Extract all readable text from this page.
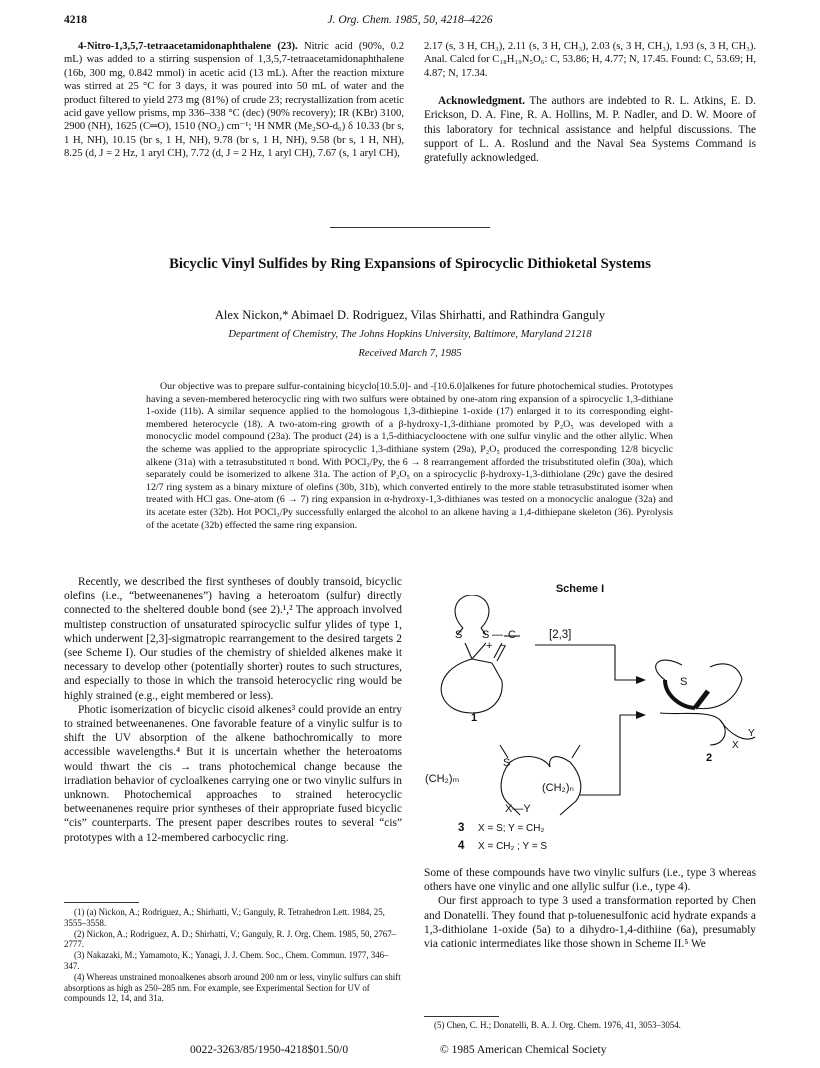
4218	J. Org. Chem. 1985, 50, 4218–4226

4-Nitro-1,3,5,7-tetraacetamidonaphthalene (23). Nitric acid (90%, 0.2 mL) was added to a stirring suspension of 1,3,5,7-tetraacetamidonaphthalene (16b, 300 mg, 0.842 mmol) in acetic acid (13 mL). After the reaction mixture was stirred at 25 °C for 3 days, it was poured into 50 mL of water and the product filtered to yield 273 mg (81%) of crude 23; recrystallization from acetic acid gave yellow prisms, mp 336–338 °C (dec) (90% recovery); IR (KBr) 3100, 2900 (NH), 1625 (C═O), 1510 (NO₂) cm⁻¹; ¹H NMR (Me₂SO-d₆) δ 10.33 (br s, 1 H, NH), 10.15 (br s, 1 H, NH), 9.78 (br s, 1 H, NH), 9.58 (br s, 1 H, NH), 8.25 (d, J = 2 Hz, 1 aryl CH), 7.72 (d, J = 2 Hz, 1 aryl CH), 7.67 (s, 1 aryl CH),

2.17 (s, 3 H, CH₃), 2.11 (s, 3 H, CH₃), 2.03 (s, 3 H, CH₃), 1.93 (s, 3 H, CH₃). Anal. Calcd for C₁₈H₁₉N₅O₆: C, 53.86; H, 4.77; N, 17.45. Found: C, 53.69; H, 4.87; N, 17.34.

Acknowledgment. The authors are indebted to R. L. Atkins, E. D. Erickson, D. A. Fine, R. A. Hollins, M. P. Nadler, and D. W. Moore of this laboratory for technical assistance and helpful discussions. The support of L. A. Roslund and the Naval Sea Systems Command is gratefully acknowledged.

Bicyclic Vinyl Sulfides by Ring Expansions of Spirocyclic Dithioketal Systems
Alex Nickon,* Abimael D. Rodriguez, Vilas Shirhatti, and Rathindra Ganguly
Department of Chemistry, The Johns Hopkins University, Baltimore, Maryland 21218
Received March 7, 1985
Our objective was to prepare sulfur-containing bicyclo[10.5.0]- and -[10.6.0]alkenes for future photochemical studies. Prototypes having a seven-membered heterocyclic ring with two sulfurs were obtained by one-atom ring expansion of a spirocyclic 1,3-dithiane 1-oxide (11b). A similar sequence applied to the homologous 1,3-dithiepine 1-oxide (17) enlarged it to its corresponding eight-membered heterocycle (18). A two-atom-ring growth of a β-hydroxy-1,3-dithiane promoted by P₂O₅ was developed with a monocyclic model compound (23a). The product (24) is a 1,5-dithiacyclooctene with one sulfur vinylic and the other allylic. When the scheme was applied to the appropriate spirocyclic 1,3-dithiane system (29a), P₂O₅ produced the corresponding 12/8 bicyclic alkene (31a) with a tetrasubstituted π bond. With POCl₃/Py, the 6 → 8 rearrangement afforded the trisubstituted olefin (30a), which separately could be isomerized to alkene 31a. The action of P₂O₅ on a spirocyclic β-hydroxy-1,3-dithiolane (29c) gave the desired 12/7 ring system as a binary mixture of olefins (30b, 31b), which converted entirely to the more stable tetrasubstituted isomer when treated with HCl gas. One-atom (6 → 7) ring expansion in α-hydroxy-1,3-dithianes was tested on a monocyclic analogue (32a) and its acetate ester (32b). Hot POCl₃/Py successfully enlarged the alcohol to an alkene having a 1,4-dithiepane skeleton (36). Pyrolysis of the acetate (32b) effected the same ring expansion.

Recently, we described the first syntheses of doubly transoid, bicyclic olefins (i.e., “betweenanenes”) having a heteroatom (sulfur) directly connected to the sheltered double bond (see 2).¹,² The approach involved multistep construction of unsaturated spirocyclic sulfur ylides of type 1, which underwent [2,3]-sigmatropic rearrangement to the desired targets 2 (see Scheme I). Our studies of the chemistry of shielded alkenes make it necessary to develop other (potentially shorter) routes to such structures, and especially to those in which the transoid heterocyclic ring would be highly strained (e.g., eight membered or less).

Photic isomerization of bicyclic cisoid alkenes³ could provide an entry to strained betweenanenes. One favorable feature of a vinylic sulfur is to shift the UV absorption of the alkene bathochromically to more accessible wavelengths.⁴ But it is uncertain whether the heteroatoms would thwart the cis → trans photochemical change because the irradiation behavior of cycloalkenes carrying one or two vinylic sulfurs in unknown. Photochemical approaches to strained heterocyclic betweenanenes require prior syntheses of their appropriate fused bicyclic “cis” counterparts. The present paper describes routes to several “cis” prototypes with a 12-membered carbocyclic ring.

(1) (a) Nickon, A.; Rodriguez, A.; Shirhatti, V.; Ganguly, R. Tetrahedron Lett. 1984, 25, 3555–3558.

(2) Nickon, A.; Rodriguez, A. D.; Shirhatti, V.; Ganguly, R. J. Org. Chem. 1985, 50, 2767–2777.

(3) Nakazaki, M.; Yamamoto, K.; Yanagi, J. J. Chem. Soc., Chem. Commun. 1977, 346–347.

(4) Whereas unstrained monoalkenes absorb around 200 nm or less, vinylic sulfurs can shift absorptions as high as 250–285 nm. For example, see Experimental Section for UV of compounds 12, 14, and 31a.

Scheme I
S S — C
+ −
[2,3]
1
S
X
Y
2
S
(CH₂)ₘ
(CH₂)ₙ
X—Y
3 X = S; Y = CH₂
4 X = CH₂ ; Y = S

Some of these compounds have two vinylic sulfurs (i.e., type 3 whereas others have one vinylic and one allylic sulfur (i.e., type 4).

Our first approach to type 3 used a transformation reported by Chen and Donatelli. They found that p-toluenesulfonic acid hydrate expands a 1,3-dithiolane 1-oxide (5a) to a dihydro-1,4-dithiine (6a), presumably via cationic intermediates like those shown in Scheme II.⁵ We

(5) Chen, C. H.; Donatelli, B. A. J. Org. Chem. 1976, 41, 3053–3054.

0022-3263/85/1950-4218$01.50/0	© 1985 American Chemical Society
